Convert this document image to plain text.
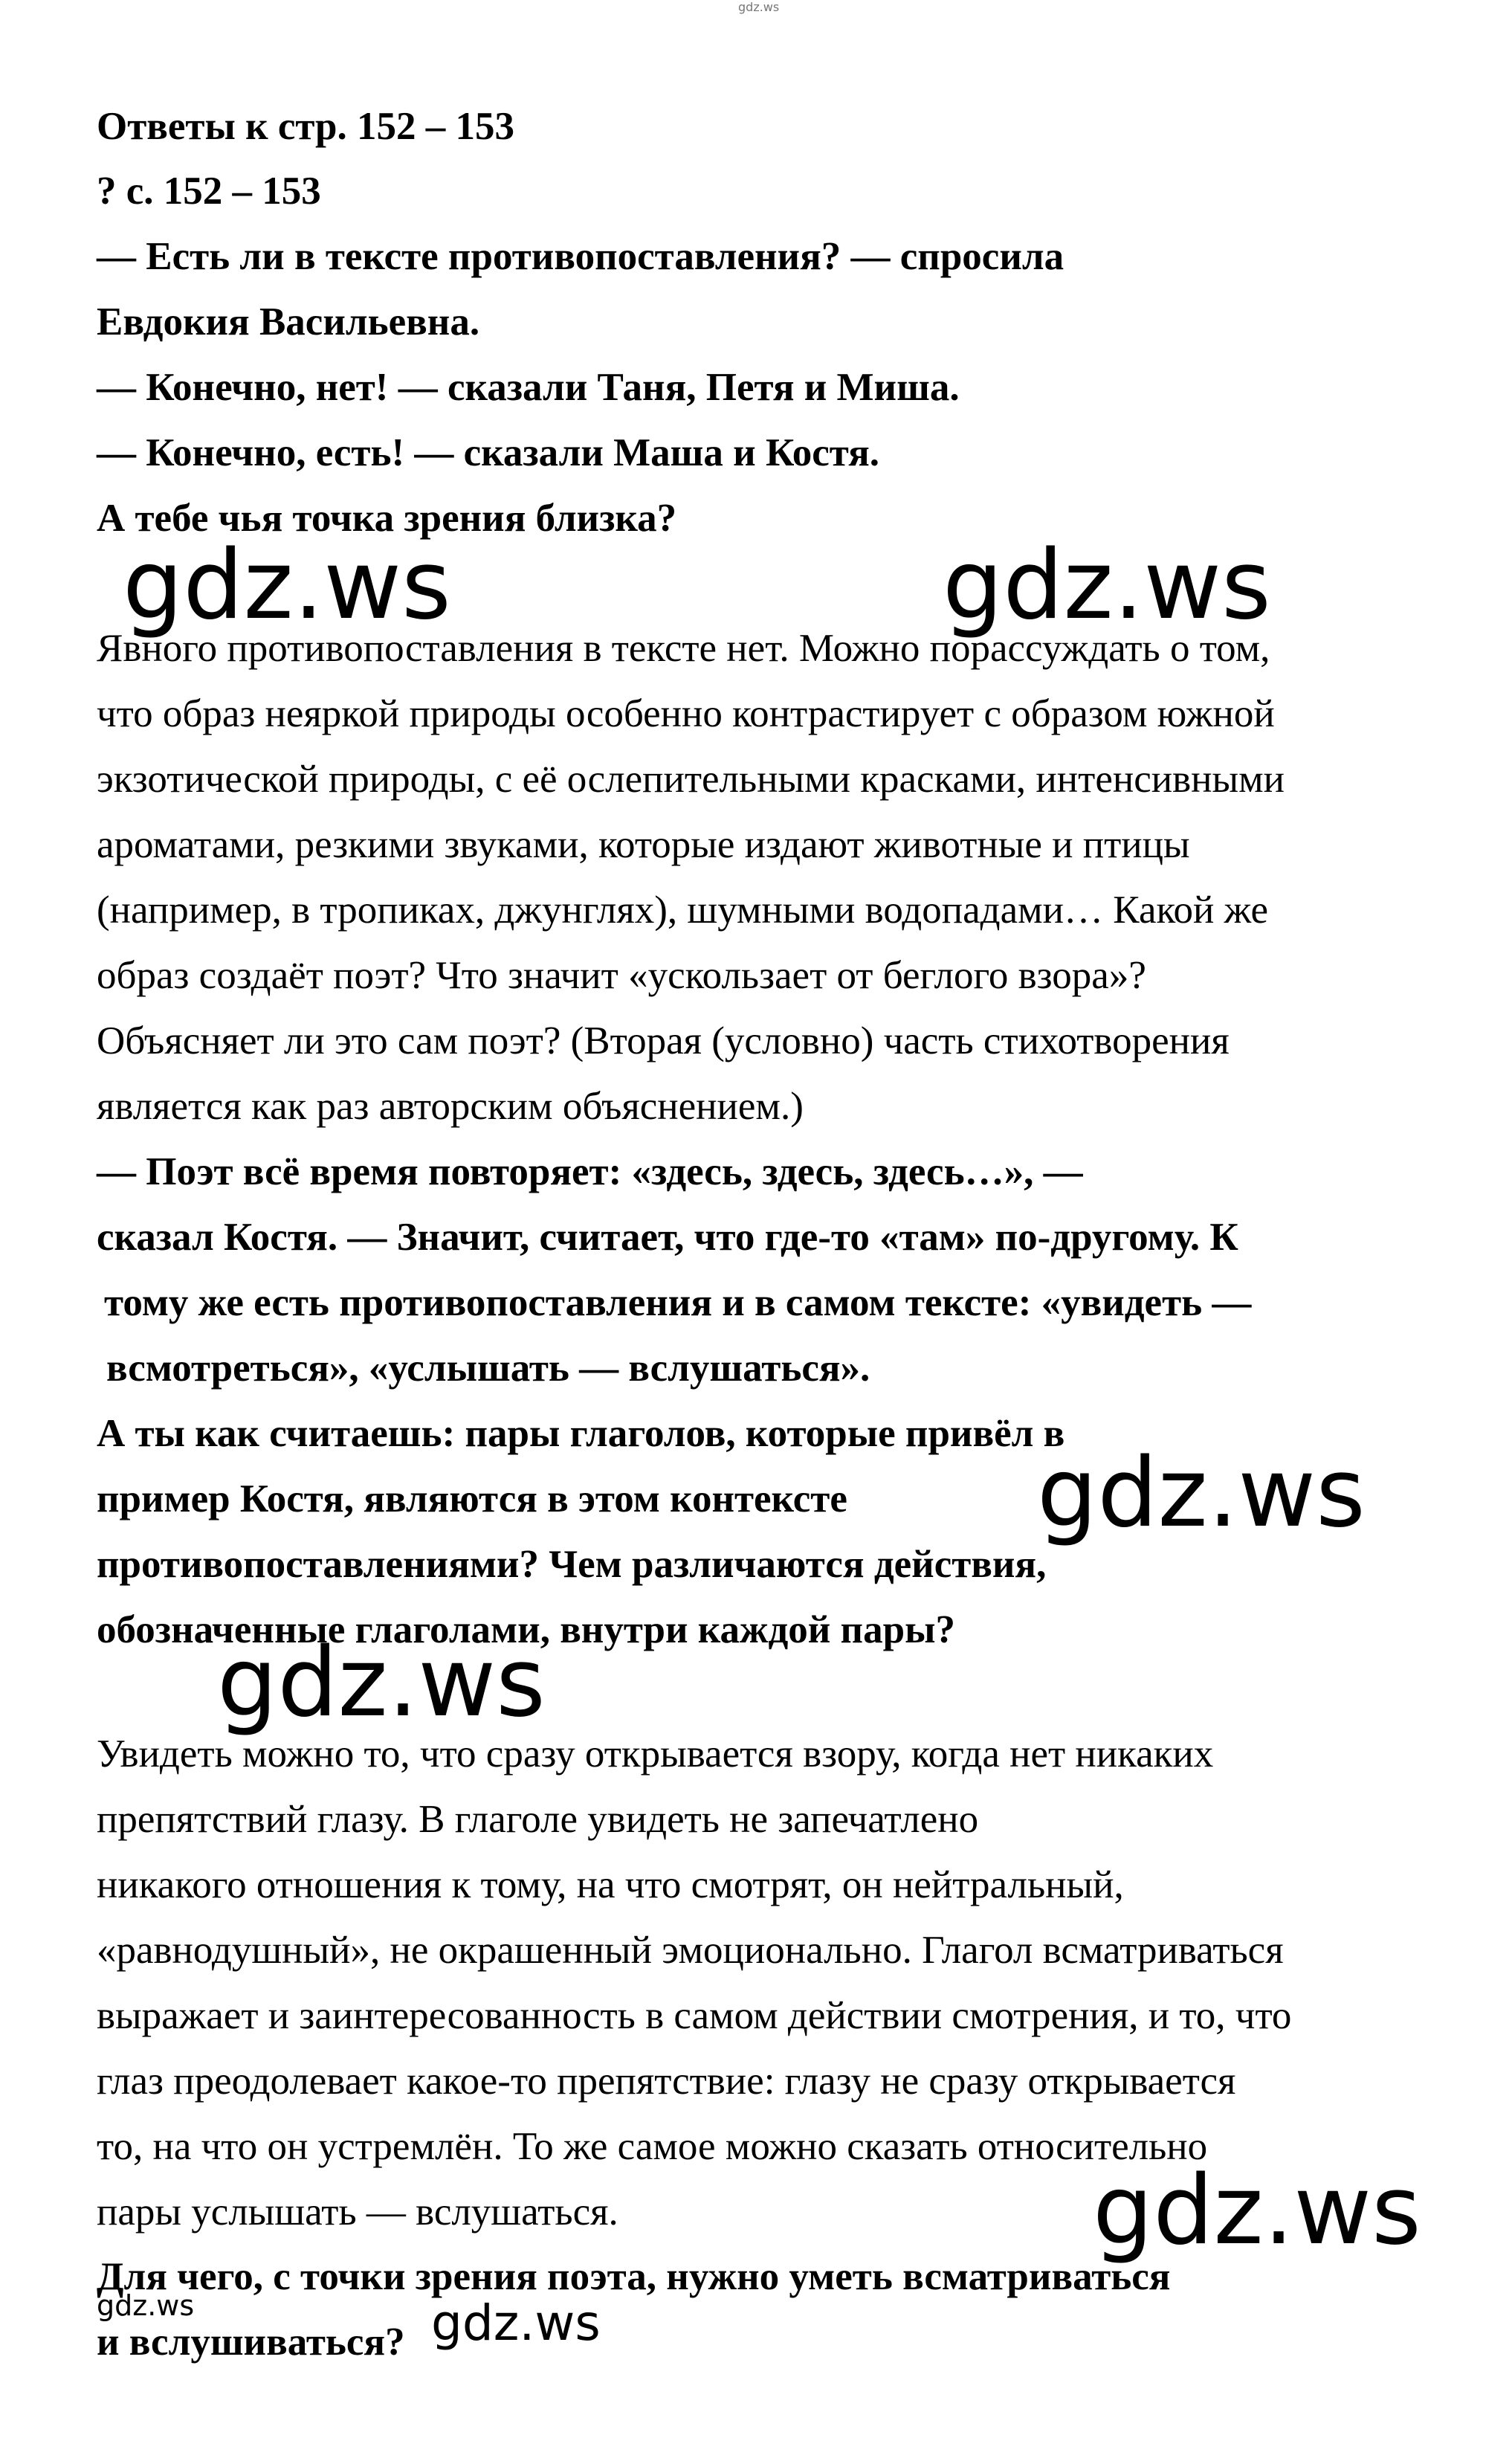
gdz.ws
Ответы к стр. 152 – 153
? с. 152 – 153
— Есть ли в тексте противопоставления? — спросила
Евдокия Васильевна.
— Конечно, нет! — сказали Таня, Петя и Миша.
— Конечно, есть! — сказали Маша и Костя.
А тебе чья точка зрения близка?
gdz.ws	gdz.ws
Явного противопоставления в тексте нет. Можно порассуждать о том,
что образ неяркой природы особенно контрастирует с образом южной
экзотической природы, с её ослепительными красками, интенсивными
ароматами, резкими звуками, которые издают животные и птицы
(например, в тропиках, джунглях), шумными водопадами… Какой же
образ создаёт поэт? Что значит «ускользает от беглого взора»?
Объясняет ли это сам поэт? (Вторая (условно) часть стихотворения
является как раз авторским объяснением.)
— Поэт всё время повторяет: «здесь, здесь, здесь…», —
сказал Костя. — Значит, считает, что где-то «там» по-другому. К
тому же есть противопоставления и в самом тексте: «увидеть —
всмотреться», «услышать — вслушаться».
А ты как считаешь: пары глаголов, которые привёл в
пример Костя, являются в этом контексте
противопоставлениями? Чем различаются действия,
обозначенные глаголами, внутри каждой пары?
gdz.ws
gdz.ws
Увидеть можно то, что сразу открывается взору, когда нет никаких
препятствий глазу. В глаголе увидеть не запечатлено
никакого отношения к тому, на что смотрят, он нейтральный,
«равнодушный», не окрашенный эмоционально. Глагол всматриваться
выражает и заинтересованность в самом действии смотрения, и то, что
глаз преодолевает какое-то препятствие: глазу не сразу открывается
то, на что он устремлён. То же самое можно сказать относительно
пары услышать — вслушаться.	gdz.ws
Для чего, с точки зрения поэта, нужно уметь всматриваться
и вслушиваться?
gdz.ws	gdz.ws
